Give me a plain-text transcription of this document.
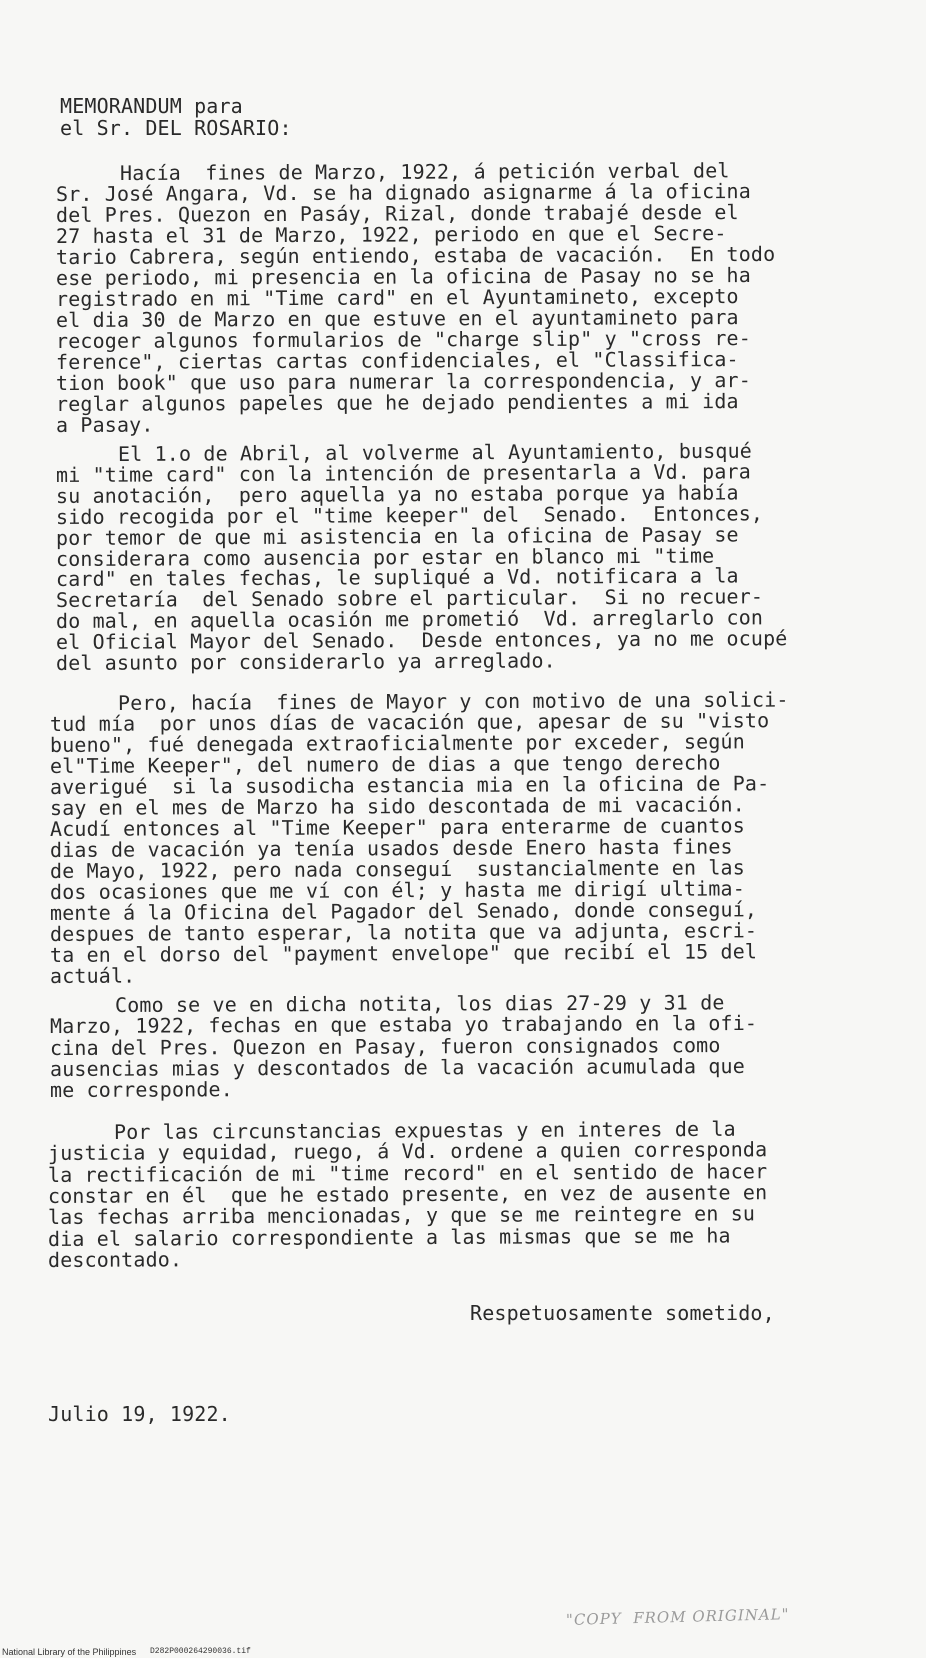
MEMORANDUM para
el Sr. DEL ROSARIO:
Hacía  fines de Marzo, 1922, á petición verbal del
Sr. José Angara, Vd. se ha dignado asignarme á la oficina
del Pres. Quezon en Pasáy, Rizal, donde trabajé desde el
27 hasta el 31 de Marzo, 1922, periodo en que el Secre-
tario Cabrera, según entiendo, estaba de vacación.  En todo
ese periodo, mi presencia en la oficina de Pasay no se ha
registrado en mi "Time card" en el Ayuntamineto, excepto
el dia 30 de Marzo en que estuve en el ayuntamineto para
recoger algunos formularios de "charge slip" y "cross re-
ference", ciertas cartas confidenciales, el "Classifica-
tion book" que uso para numerar la correspondencia, y ar-
reglar algunos papeles que he dejado pendientes a mi ida
a Pasay.
El 1.o de Abril, al volverme al Ayuntamiento, busqué
mi "time card" con la intención de presentarla a Vd. para
su anotación,  pero aquella ya no estaba porque ya había
sido recogida por el "time keeper" del  Senado.  Entonces,
por temor de que mi asistencia en la oficina de Pasay se
considerara como ausencia por estar en blanco mi "time
card" en tales fechas, le supliqué a Vd. notificara a la
Secretaría  del Senado sobre el particular.  Si no recuer-
do mal, en aquella ocasión me prometió  Vd. arreglarlo con
el Oficial Mayor del Senado.  Desde entonces, ya no me ocupé
del asunto por considerarlo ya arreglado.
Pero, hacía  fines de Mayor y con motivo de una solici-
tud mía  por unos días de vacación que, apesar de su "visto
bueno", fué denegada extraoficialmente por exceder, según
el"Time Keeper", del numero de dias a que tengo derecho
averigué  si la susodicha estancia mia en la oficina de Pa-
say en el mes de Marzo ha sido descontada de mi vacación.
Acudí entonces al "Time Keeper" para enterarme de cuantos
dias de vacación ya tenía usados desde Enero hasta fines
de Mayo, 1922, pero nada conseguí  sustancialmente en las
dos ocasiones que me ví con él; y hasta me dirigí ultima-
mente á la Oficina del Pagador del Senado, donde conseguí,
despues de tanto esperar, la notita que va adjunta, escri-
ta en el dorso del "payment envelope" que recibí el 15 del
actuál.
Como se ve en dicha notita, los dias 27-29 y 31 de
Marzo, 1922, fechas en que estaba yo trabajando en la ofi-
cina del Pres. Quezon en Pasay, fueron consignados como
ausencias mias y descontados de la vacación acumulada que
me corresponde.
Por las circunstancias expuestas y en interes de la
justicia y equidad, ruego, á Vd. ordene a quien corresponda
la rectificación de mi "time record" en el sentido de hacer
constar en él  que he estado presente, en vez de ausente en
las fechas arriba mencionadas, y que se me reintegre en su
dia el salario correspondiente a las mismas que se me ha
descontado.
Respetuosamente sometido,
Julio 19, 1922.
National Library of the Philippines D282P000264290036.tif
"COPY  FROM ORIGINAL"
